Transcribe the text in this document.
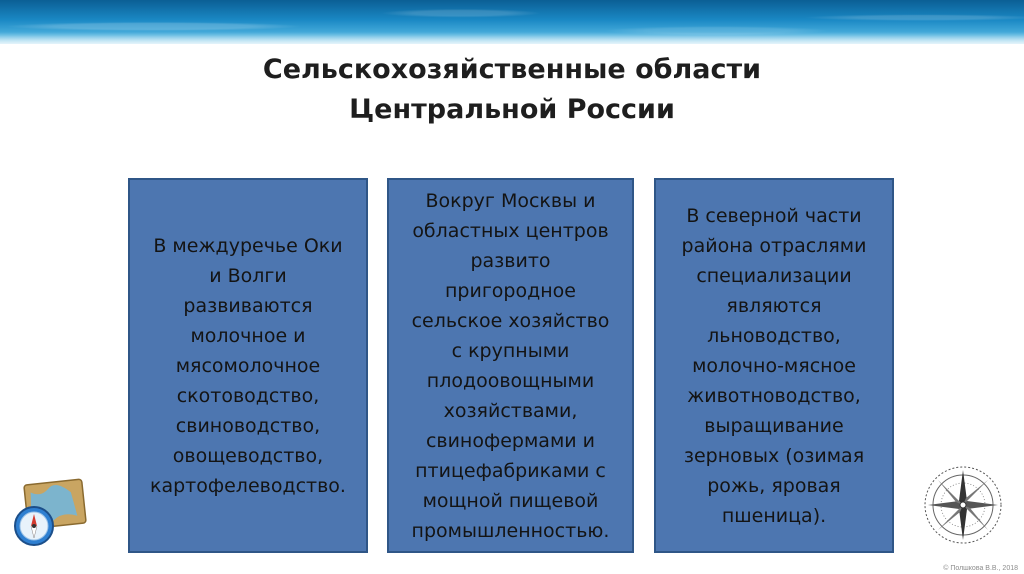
Сельскохозяйственные области
Центральной России
В междуречье Оки
и Волги
развиваются
молочное и
мясомолочное
скотоводство,
свиноводство,
овощеводство,
картофелеводство.
Вокруг Москвы и
областных центров
развито
пригородное
сельское хозяйство
с крупными
плодоовощными
хозяйствами,
свинофермами и
птицефабриками с
мощной пищевой
промышленностью.
В северной части
района отраслями
специализации
являются
льноводство,
молочно-мясное
животноводство,
выращивание
зерновых (озимая
рожь, яровая
пшеница).
© Полшкова В.В., 2018
